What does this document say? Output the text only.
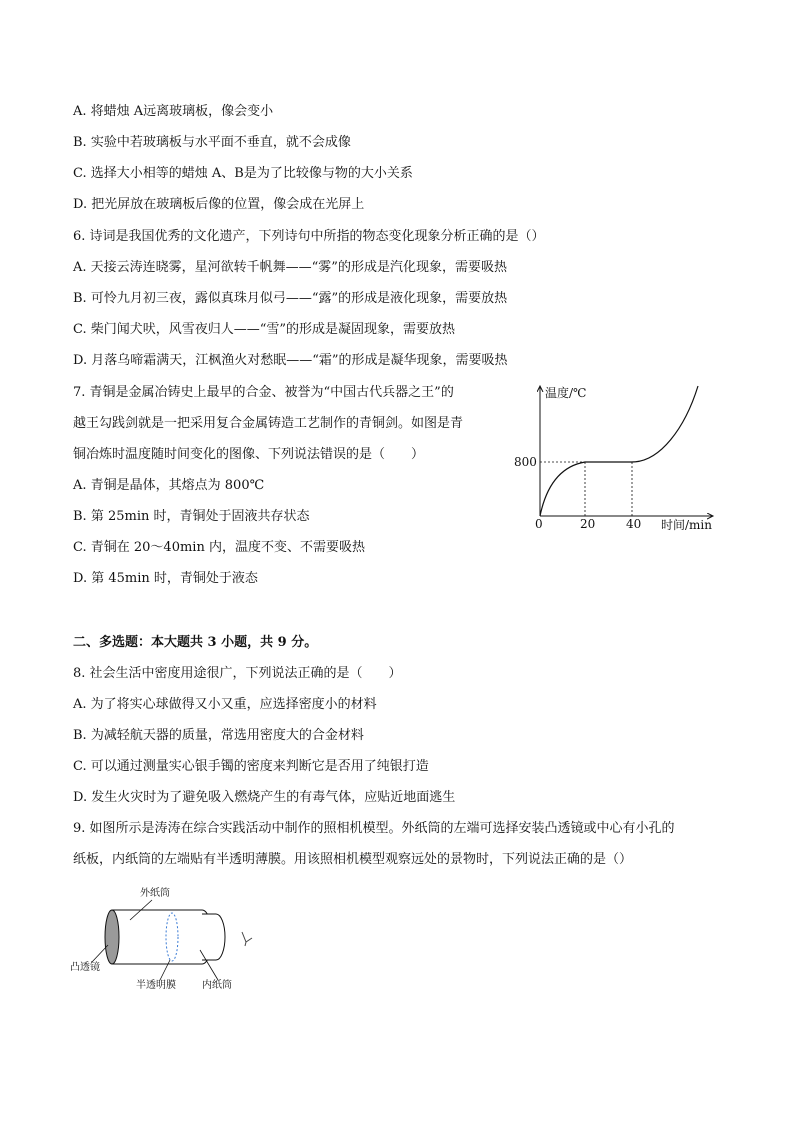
A. 将蜡烛 A远离玻璃板，像会变小
B. 实验中若玻璃板与水平面不垂直，就不会成像
C. 选择大小相等的蜡烛 A、B是为了比较像与物的大小关系
D. 把光屏放在玻璃板后像的位置，像会成在光屏上
6. 诗词是我国优秀的文化遗产，下列诗句中所指的物态变化现象分析正确的是（）
A. 天接云涛连晓雾，星河欲转千帆舞——“雾”的形成是汽化现象，需要吸热
B. 可怜九月初三夜，露似真珠月似弓——“露”的形成是液化现象，需要放热
C. 柴门闻犬吠，风雪夜归人——“雪”的形成是凝固现象，需要放热
D. 月落乌啼霜满天，江枫渔火对愁眠——“霜”的形成是凝华现象，需要吸热
7. 青铜是金属冶铸史上最早的合金、被誉为“中国古代兵器之王”的
越王勾践剑就是一把采用复合金属铸造工艺制作的青铜剑。如图是青
铜冶炼时温度随时间变化的图像、下列说法错误的是（　　）
A. 青铜是晶体，其熔点为 800℃
B. 第 25min 时，青铜处于固液共存状态
C. 青铜在 20～40min 内，温度不变、不需要吸热
D. 第 45min 时，青铜处于液态
温度/℃
时间/min
0	20	40
800
二、多选题：本大题共 3 小题，共 9 分。
8. 社会生活中密度用途很广，下列说法正确的是（　　）
A. 为了将实心球做得又小又重，应选择密度小的材料
B. 为减轻航天器的质量，常选用密度大的合金材料
C. 可以通过测量实心银手镯的密度来判断它是否用了纯银打造
D. 发生火灾时为了避免吸入燃烧产生的有毒气体，应贴近地面逃生
9. 如图所示是涛涛在综合实践活动中制作的照相机模型。外纸筒的左端可选择安装凸透镜或中心有小孔的
纸板，内纸筒的左端贴有半透明薄膜。用该照相机模型观察远处的景物时，下列说法正确的是（）
外纸筒
凸透镜
半透明膜	内纸筒
